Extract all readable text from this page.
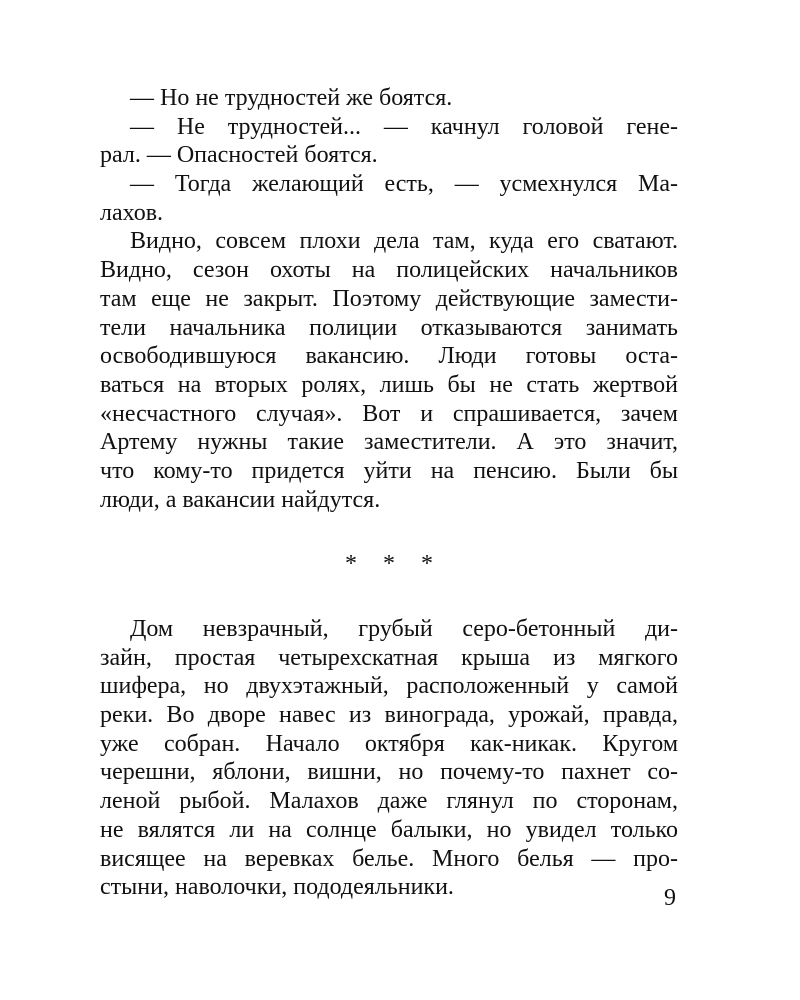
— Но не трудностей же боятся.
— Не трудностей... — качнул головой гене-
рал. — Опасностей боятся.
— Тогда желающий есть, — усмехнулся Ма-
лахов.
Видно, совсем плохи дела там, куда его сватают.
Видно, сезон охоты на полицейских начальников
там еще не закрыт. Поэтому действующие замести-
тели начальника полиции отказываются занимать
освободившуюся вакансию. Люди готовы оста-
ваться на вторых ролях, лишь бы не стать жертвой
«несчастного случая». Вот и спрашивается, зачем
Артему нужны такие заместители. А это значит,
что кому-то придется уйти на пенсию. Были бы
люди, а вакансии найдутся.
* * *
Дом невзрачный, грубый серо-бетонный ди-
зайн, простая четырехскатная крыша из мягкого
шифера, но двухэтажный, расположенный у самой
реки. Во дворе навес из винограда, урожай, правда,
уже собран. Начало октября как-никак. Кругом
черешни, яблони, вишни, но почему-то пахнет со-
леной рыбой. Малахов даже глянул по сторонам,
не вялятся ли на солнце балыки, но увидел только
висящее на веревках белье. Много белья — про-
стыни, наволочки, пододеяльники.	9
